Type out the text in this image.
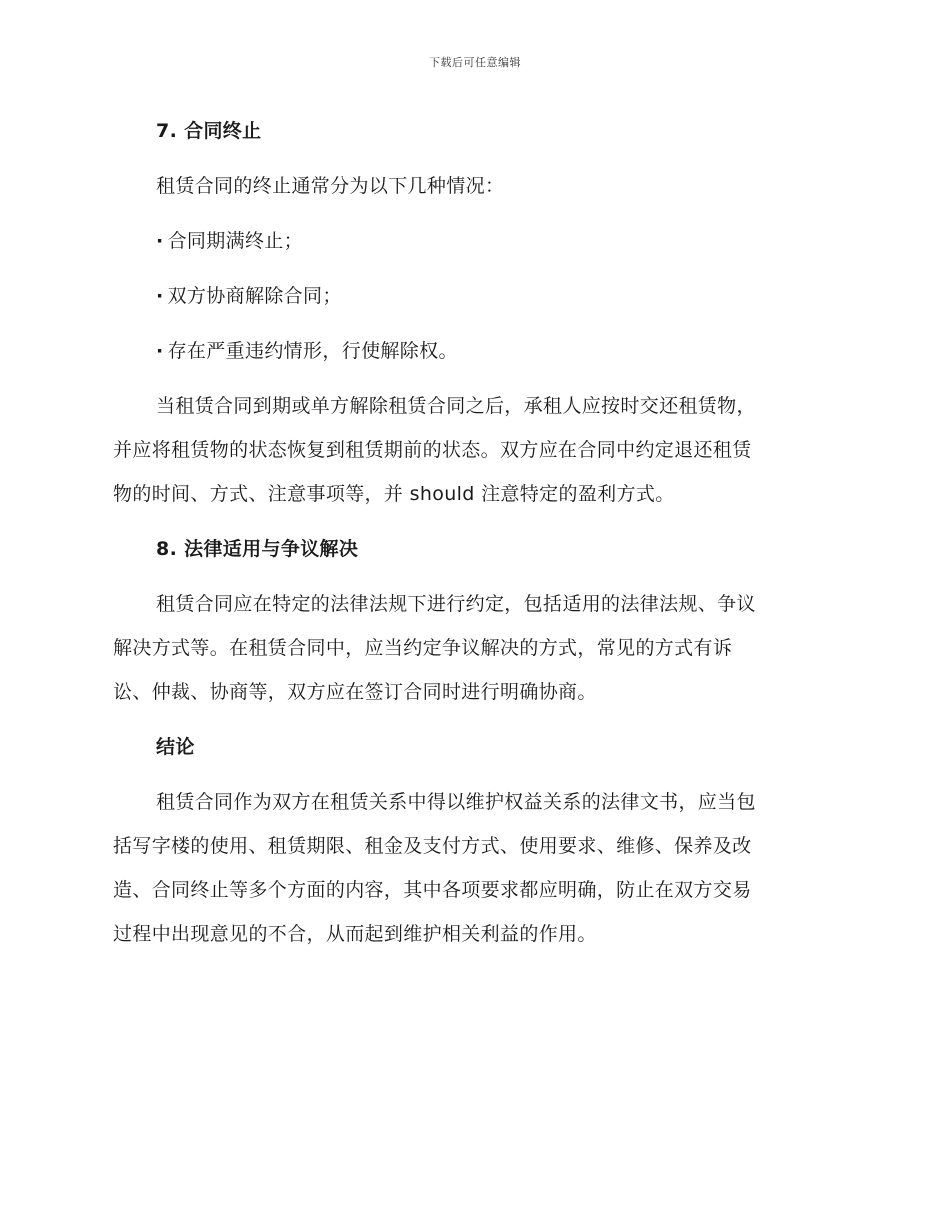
下载后可任意编辑
7. 合同终止
租赁合同的终止通常分为以下几种情况：
· 合同期满终止；
· 双方协商解除合同；
· 存在严重违约情形，行使解除权。
当租赁合同到期或单方解除租赁合同之后，承租人应按时交还租赁物，
并应将租赁物的状态恢复到租赁期前的状态。双方应在合同中约定退还租赁
物的时间、方式、注意事项等，并 should 注意特定的盈利方式。
8. 法律适用与争议解决
租赁合同应在特定的法律法规下进行约定，包括适用的法律法规、争议
解决方式等。在租赁合同中，应当约定争议解决的方式，常见的方式有诉
讼、仲裁、协商等，双方应在签订合同时进行明确协商。
结论
租赁合同作为双方在租赁关系中得以维护权益关系的法律文书，应当包
括写字楼的使用、租赁期限、租金及支付方式、使用要求、维修、保养及改
造、合同终止等多个方面的内容，其中各项要求都应明确，防止在双方交易
过程中出现意见的不合，从而起到维护相关利益的作用。
